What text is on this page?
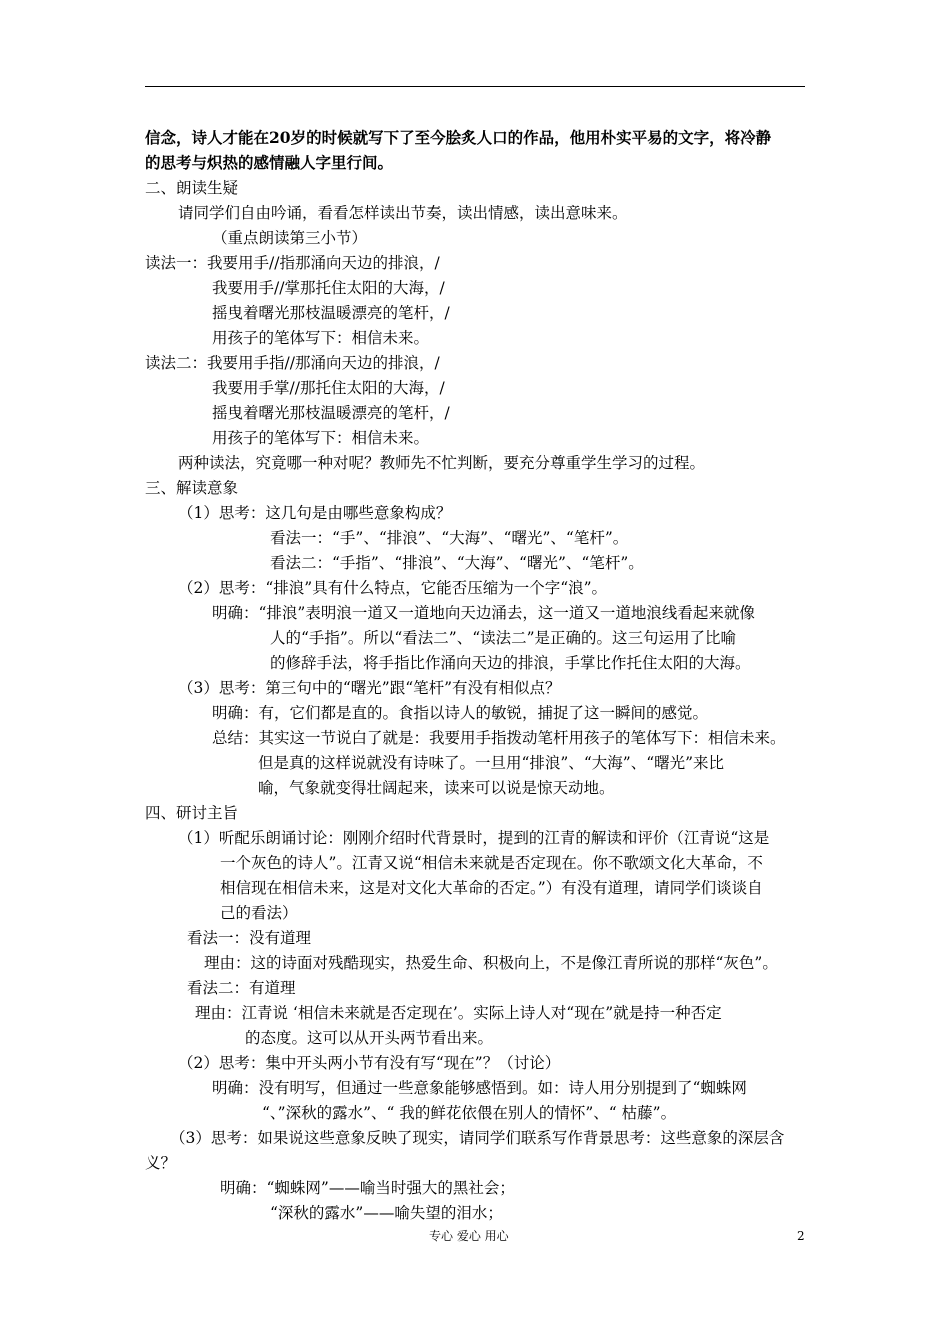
信念，诗人才能在20岁的时候就写下了至今脍炙人口的作品，他用朴实平易的文字，将冷静
的思考与炽热的感情融人字里行间。
二、朗读生疑
请同学们自由吟诵，看看怎样读出节奏，读出情感，读出意味来。
（重点朗读第三小节）
读法一：我要用手//指那涌向天边的排浪，/
我要用手//掌那托住太阳的大海，/
摇曳着曙光那枝温暖漂亮的笔杆，/
用孩子的笔体写下：相信未来。
读法二：我要用手指//那涌向天边的排浪，/
我要用手掌//那托住太阳的大海，/
摇曳着曙光那枝温暖漂亮的笔杆，/
用孩子的笔体写下：相信未来。
两种读法，究竟哪一种对呢？教师先不忙判断，要充分尊重学生学习的过程。
三、解读意象
（1）思考：这几句是由哪些意象构成？
看法一：“手”、“排浪”、“大海”、“曙光”、“笔杆”。
看法二：“手指”、“排浪”、“大海”、“曙光”、“笔杆”。
（2）思考：“排浪”具有什么特点，它能否压缩为一个字“浪”。
明确：“排浪”表明浪一道又一道地向天边涌去，这一道又一道地浪线看起来就像
人的“手指”。所以“看法二”、“读法二”是正确的。这三句运用了比喻
的修辞手法，将手指比作涌向天边的排浪，手掌比作托住太阳的大海。
（3）思考：第三句中的“曙光”跟“笔杆”有没有相似点？
明确：有，它们都是直的。食指以诗人的敏锐，捕捉了这一瞬间的感觉。
总结：其实这一节说白了就是：我要用手指拨动笔杆用孩子的笔体写下：相信未来。
但是真的这样说就没有诗味了。一旦用“排浪”、“大海”、“曙光”来比
喻，气象就变得壮阔起来，读来可以说是惊天动地。
四、研讨主旨
（1）听配乐朗诵讨论：刚刚介绍时代背景时，提到的江青的解读和评价（江青说“这是
一个灰色的诗人”。江青又说“相信未来就是否定现在。你不歌颂文化大革命，不
相信现在相信未来，这是对文化大革命的否定。”）有没有道理，请同学们谈谈自
己的看法）
看法一：没有道理
理由：这的诗面对残酷现实，热爱生命、积极向上，不是像江青所说的那样“灰色”。
看法二：有道理
理由：江青说 ‘相信未来就是否定现在’。实际上诗人对“现在”就是持一种否定
的态度。这可以从开头两节看出来。
（2）思考：集中开头两小节有没有写“现在”？（讨论）
明确：没有明写，但通过一些意象能够感悟到。如：诗人用分别提到了“蜘蛛网
“、”深秋的露水”、“ 我的鲜花依偎在别人的情怀”、“ 枯藤”。
（3）思考：如果说这些意象反映了现实，请同学们联系写作背景思考：这些意象的深层含
义？
明确：“蜘蛛网”——喻当时强大的黑社会；
“深秋的露水”——喻失望的泪水；
专心 爱心 用心	2
